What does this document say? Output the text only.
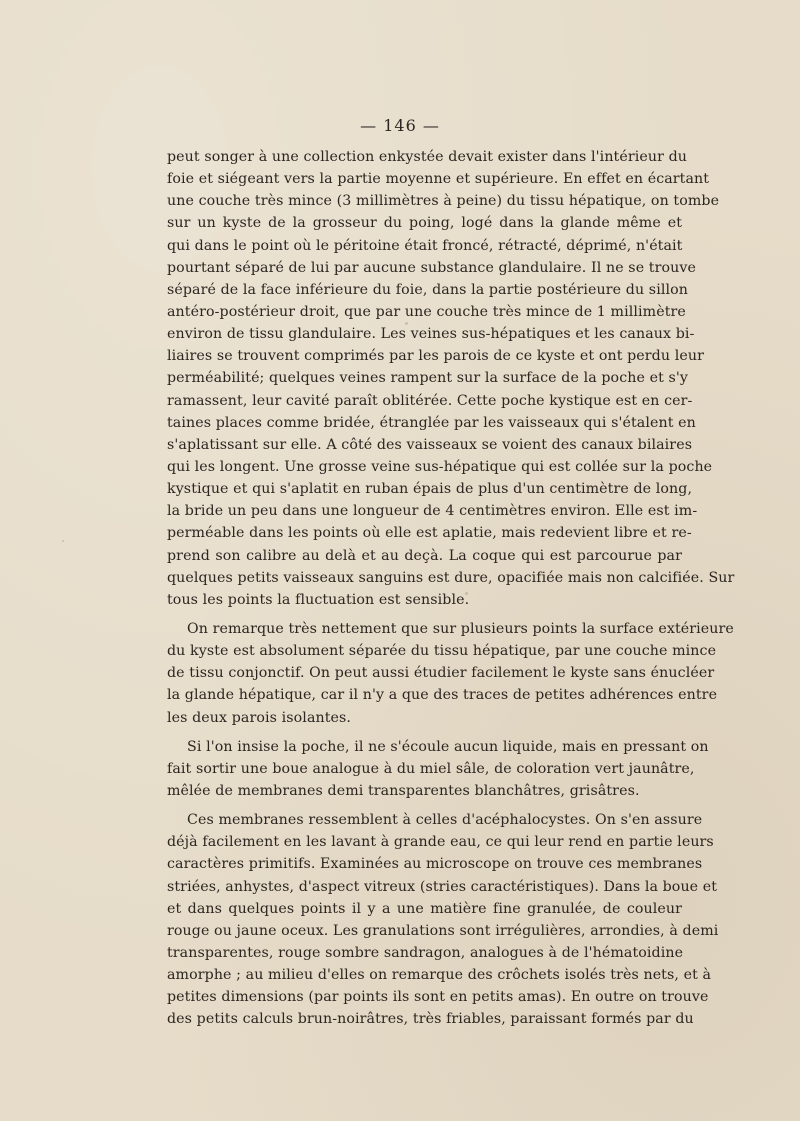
— 146 —
peut songer à une collection enkystée devait exister dans l'intérieur du
foie et siégeant vers la partie moyenne et supérieure. En effet en écartant
une couche très mince (3 millimètres à peine) du tissu hépatique, on tombe
sur un kyste de la grosseur du poing, logé dans la glande même et
qui dans le point où le péritoine était froncé, rétracté, déprimé, n'était
pourtant séparé de lui par aucune substance glandulaire. Il ne se trouve
séparé de la face inférieure du foie, dans la partie postérieure du sillon
antéro-postérieur droit, que par une couche très mince de 1 millimètre
environ de tissu glandulaire. Les veines sus-hépatiques et les canaux bi-
liaires se trouvent comprimés par les parois de ce kyste et ont perdu leur
perméabilité; quelques veines rampent sur la surface de la poche et s'y
ramassent, leur cavité paraît oblitérée. Cette poche kystique est en cer-
taines places comme bridée, étranglée par les vaisseaux qui s'étalent en
s'aplatissant sur elle. A côté des vaisseaux se voient des canaux bilaires
qui les longent. Une grosse veine sus-hépatique qui est collée sur la poche
kystique et qui s'aplatit en ruban épais de plus d'un centimètre de long,
la bride un peu dans une longueur de 4 centimètres environ. Elle est im-
perméable dans les points où elle est aplatie, mais redevient libre et re-
prend son calibre au delà et au deçà. La coque qui est parcourue par
quelques petits vaisseaux sanguins est dure, opacifiée mais non calcifiée. Sur
tous les points la fluctuation est sensible.
On remarque très nettement que sur plusieurs points la surface extérieure
du kyste est absolument séparée du tissu hépatique, par une couche mince
de tissu conjonctif. On peut aussi étudier facilement le kyste sans énucléer
la glande hépatique, car il n'y a que des traces de petites adhérences entre
les deux parois isolantes.
Si l'on insise la poche, il ne s'écoule aucun liquide, mais en pressant on
fait sortir une boue analogue à du miel sâle, de coloration vert jaunâtre,
mêlée de membranes demi transparentes blanchâtres, grisâtres.
Ces membranes ressemblent à celles d'acéphalocystes. On s'en assure
déjà facilement en les lavant à grande eau, ce qui leur rend en partie leurs
caractères primitifs. Examinées au microscope on trouve ces membranes
striées, anhystes, d'aspect vitreux (stries caractéristiques). Dans la boue et
et dans quelques points il y a une matière fine granulée, de couleur
rouge ou jaune oceux. Les granulations sont irrégulières, arrondies, à demi
transparentes, rouge sombre sandragon, analogues à de l'hématoidine
amorphe ; au milieu d'elles on remarque des crôchets isolés très nets, et à
petites dimensions (par points ils sont en petits amas). En outre on trouve
des petits calculs brun-noirâtres, très friables, paraissant formés par du
